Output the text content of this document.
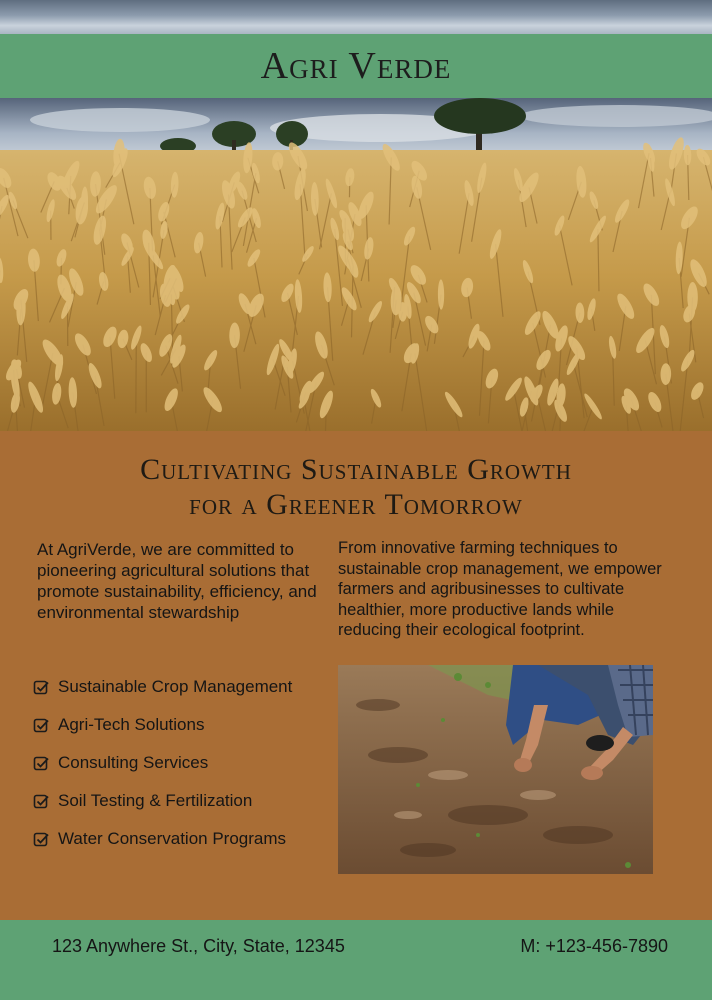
Agri Verde
Cultivating Sustainable Growth
for a Greener Tomorrow
At AgriVerde, we are committed to pioneering agricultural solutions that promote sustainability, efficiency, and environmental stewardship
From innovative farming techniques to sustainable crop management, we empower farmers and agribusinesses to cultivate healthier, more productive lands while reducing their ecological footprint.
Sustainable Crop Management
Agri-Tech Solutions
Consulting Services
Soil Testing & Fertilization
Water Conservation Programs
123 Anywhere St., City, State, 12345	M: +123-456-7890
